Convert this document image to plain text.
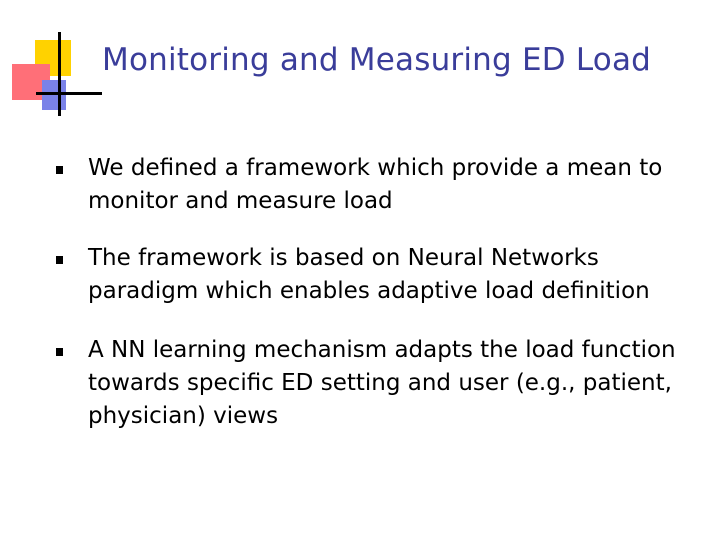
Monitoring and Measuring ED Load
We defined a framework which provide a mean to monitor and measure load
The framework is based on Neural Networks paradigm which enables adaptive load definition
A NN learning mechanism adapts the load function towards specific ED setting and user (e.g., patient, physician) views
